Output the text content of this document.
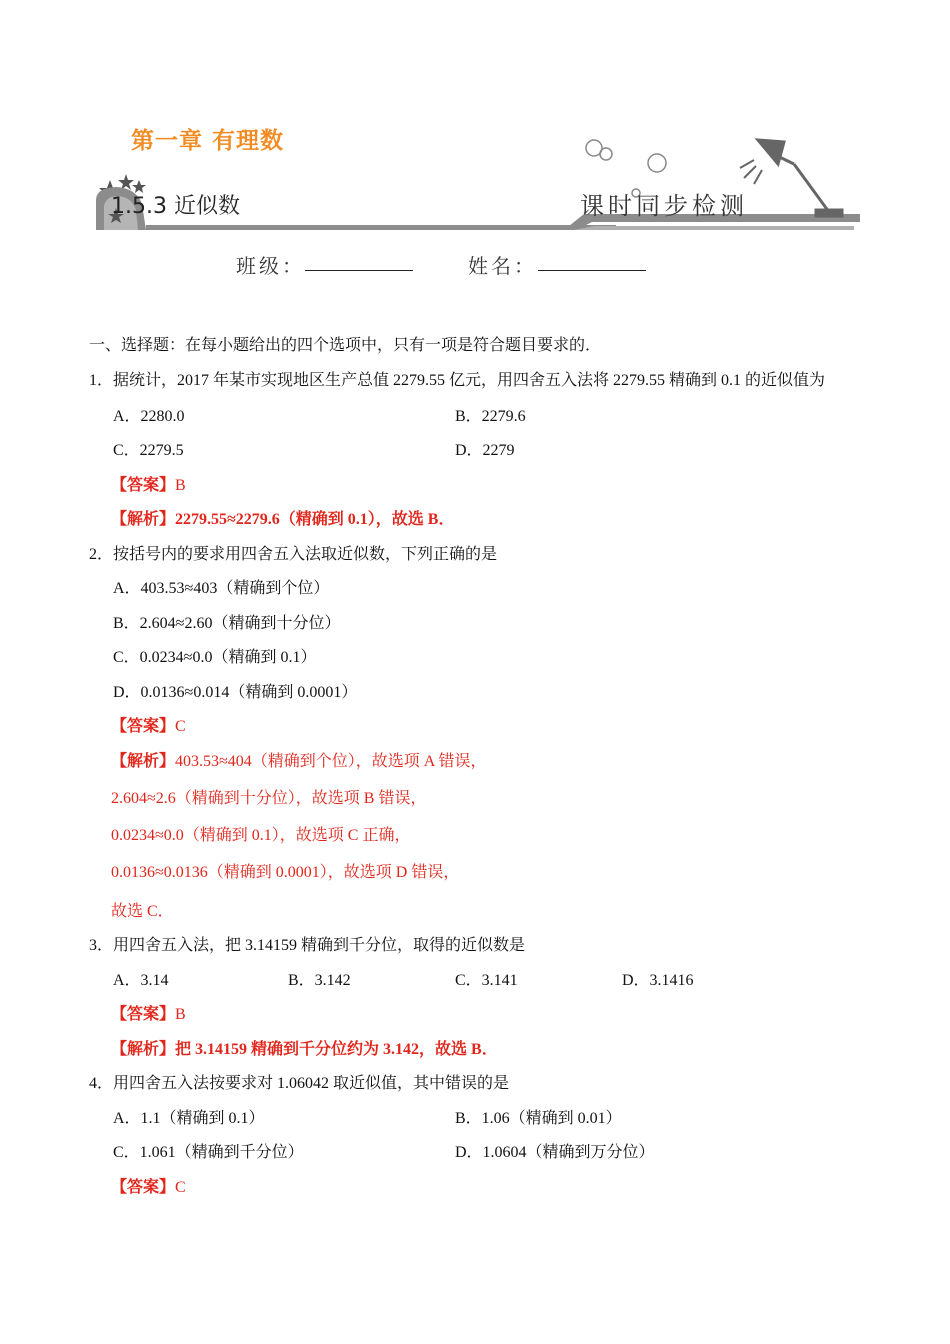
第一章 有理数
1.5.3 近似数	课时同步检测
班级：	姓名：
一、选择题：在每小题给出的四个选项中，只有一项是符合题目要求的．
1．据统计，2017 年某市实现地区生产总值 2279.55 亿元，用四舍五入法将 2279.55 精确到 0.1 的近似值为
A．2280.0	B．2279.6
C．2279.5	D．2279
【答案】B
【解析】2279.55≈2279.6（精确到 0.1），故选 B．
2．按括号内的要求用四舍五入法取近似数，下列正确的是
A．403.53≈403（精确到个位）
B．2.604≈2.60（精确到十分位）
C．0.0234≈0.0（精确到 0.1）
D．0.0136≈0.014（精确到 0.0001）
【答案】C
【解析】403.53≈404（精确到个位），故选项 A 错误，
2.604≈2.6（精确到十分位），故选项 B 错误，
0.0234≈0.0（精确到 0.1），故选项 C 正确，
0.0136≈0.0136（精确到 0.0001），故选项 D 错误，
故选 C．
3．用四舍五入法，把 3.14159 精确到千分位，取得的近似数是
A．3.14	B．3.142	C．3.141	D．3.1416
【答案】B
【解析】把 3.14159 精确到千分位约为 3.142，故选 B．
4．用四舍五入法按要求对 1.06042 取近似值，其中错误的是
A．1.1（精确到 0.1）	B．1.06（精确到 0.01）
C．1.061（精确到千分位）	D．1.0604（精确到万分位）
【答案】C
